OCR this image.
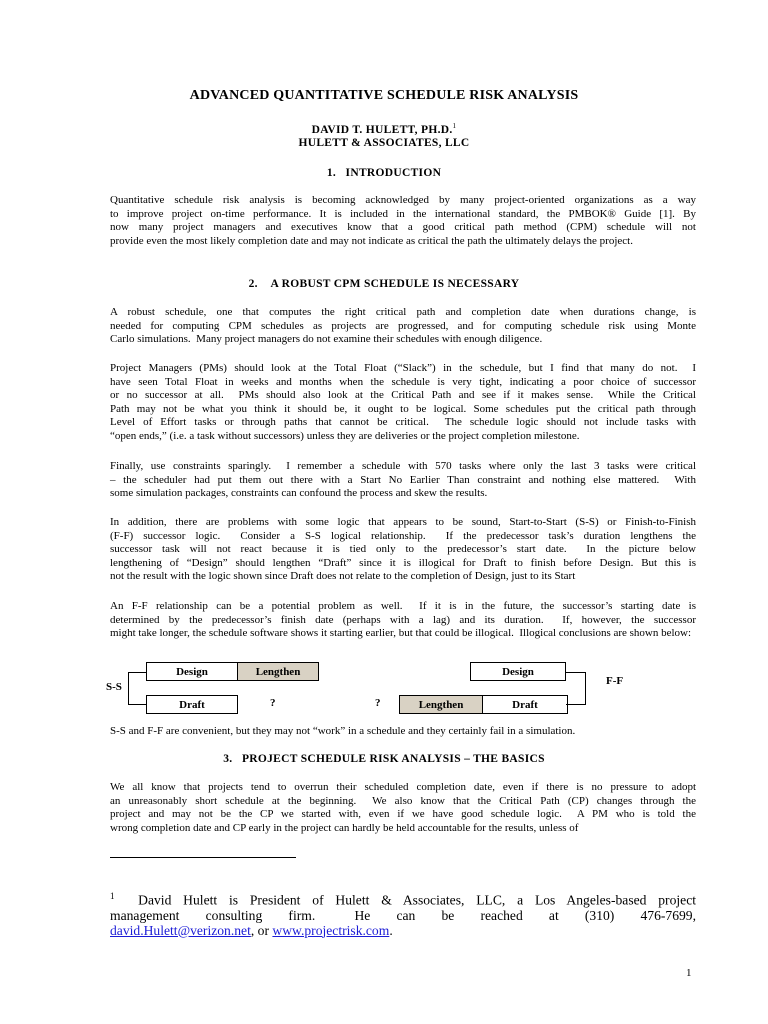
ADVANCED QUANTITATIVE SCHEDULE RISK ANALYSIS
DAVID T. HULETT, PH.D.$^1$
HULETT & ASSOCIATES, LLC
1.   INTRODUCTION
Quantitative schedule risk analysis is becoming acknowledged by many project-oriented organizations as a way to improve project on-time performance. It is included in the international standard, the PMBOK® Guide [1]. By now many project managers and executives know that a good critical path method (CPM) schedule will not provide even the most likely completion date and may not indicate as critical the path the ultimately delays the project.
2.    A ROBUST CPM SCHEDULE IS NECESSARY
A robust schedule, one that computes the right critical path and completion date when durations change, is needed for computing CPM schedules as projects are progressed, and for computing schedule risk using Monte Carlo simulations.  Many project managers do not examine their schedules with enough diligence.
Project Managers (PMs) should look at the Total Float (“Slack”) in the schedule, but I find that many do not.  I have seen Total Float in weeks and months when the schedule is very tight, indicating a poor choice of successor or no successor at all.  PMs should also look at the Critical Path and see if it makes sense.  While the Critical Path may not be what you think it should be, it ought to be logical. Some schedules put the critical path through Level of Effort tasks or through paths that cannot be critical.  The schedule logic should not include tasks with “open ends,” (i.e. a task without successors) unless they are deliveries or the project completion milestone.
Finally, use constraints sparingly.  I remember a schedule with 570 tasks where only the last 3 tasks were critical – the scheduler had put them out there with a Start No Earlier Than constraint and nothing else mattered.  With some simulation packages, constraints can confound the process and skew the results.
In addition, there are problems with some logic that appears to be sound, Start-to-Start (S-S) or Finish-to-Finish (F-F) successor logic.  Consider a S-S logical relationship.  If the predecessor task’s duration lengthens the successor task will not react because it is tied only to the predecessor’s start date.  In the picture below lengthening of “Design” should lengthen “Draft” since it is illogical for Draft to finish before Design. But this is not the result with the logic shown since Draft does not relate to the completion of Design, just to its Start
An F-F relationship can be a potential problem as well.  If it is in the future, the successor’s starting date is determined by the predecessor’s finish date (perhaps with a lag) and its duration.  If, however, the successor might take longer, the schedule software shows it starting earlier, but that could be illogical.  Illogical conclusions are shown below:
S-S
Design	Lengthen
Draft	?	?	Lengthen	Draft
Design
F-F
S-S and F-F are convenient, but they may not “work” in a schedule and they certainly fail in a simulation.
3.   PROJECT SCHEDULE RISK ANALYSIS – THE BASICS
We all know that projects tend to overrun their scheduled completion date, even if there is no pressure to adopt an unreasonably short schedule at the beginning.  We also know that the Critical Path (CP) changes through the project and may not be the CP we started with, even if we have good schedule logic.  A PM who is told the wrong completion date and CP early in the project can hardly be held accountable for the results, unless of
$^1$ David Hulett is President of Hulett & Associates, LLC, a Los Angeles-based project
management    consulting    firm.      He    can    be    reached    at    (310)    476-7699,
david.Hulett@verizon.net, or www.projectrisk.com.
1
